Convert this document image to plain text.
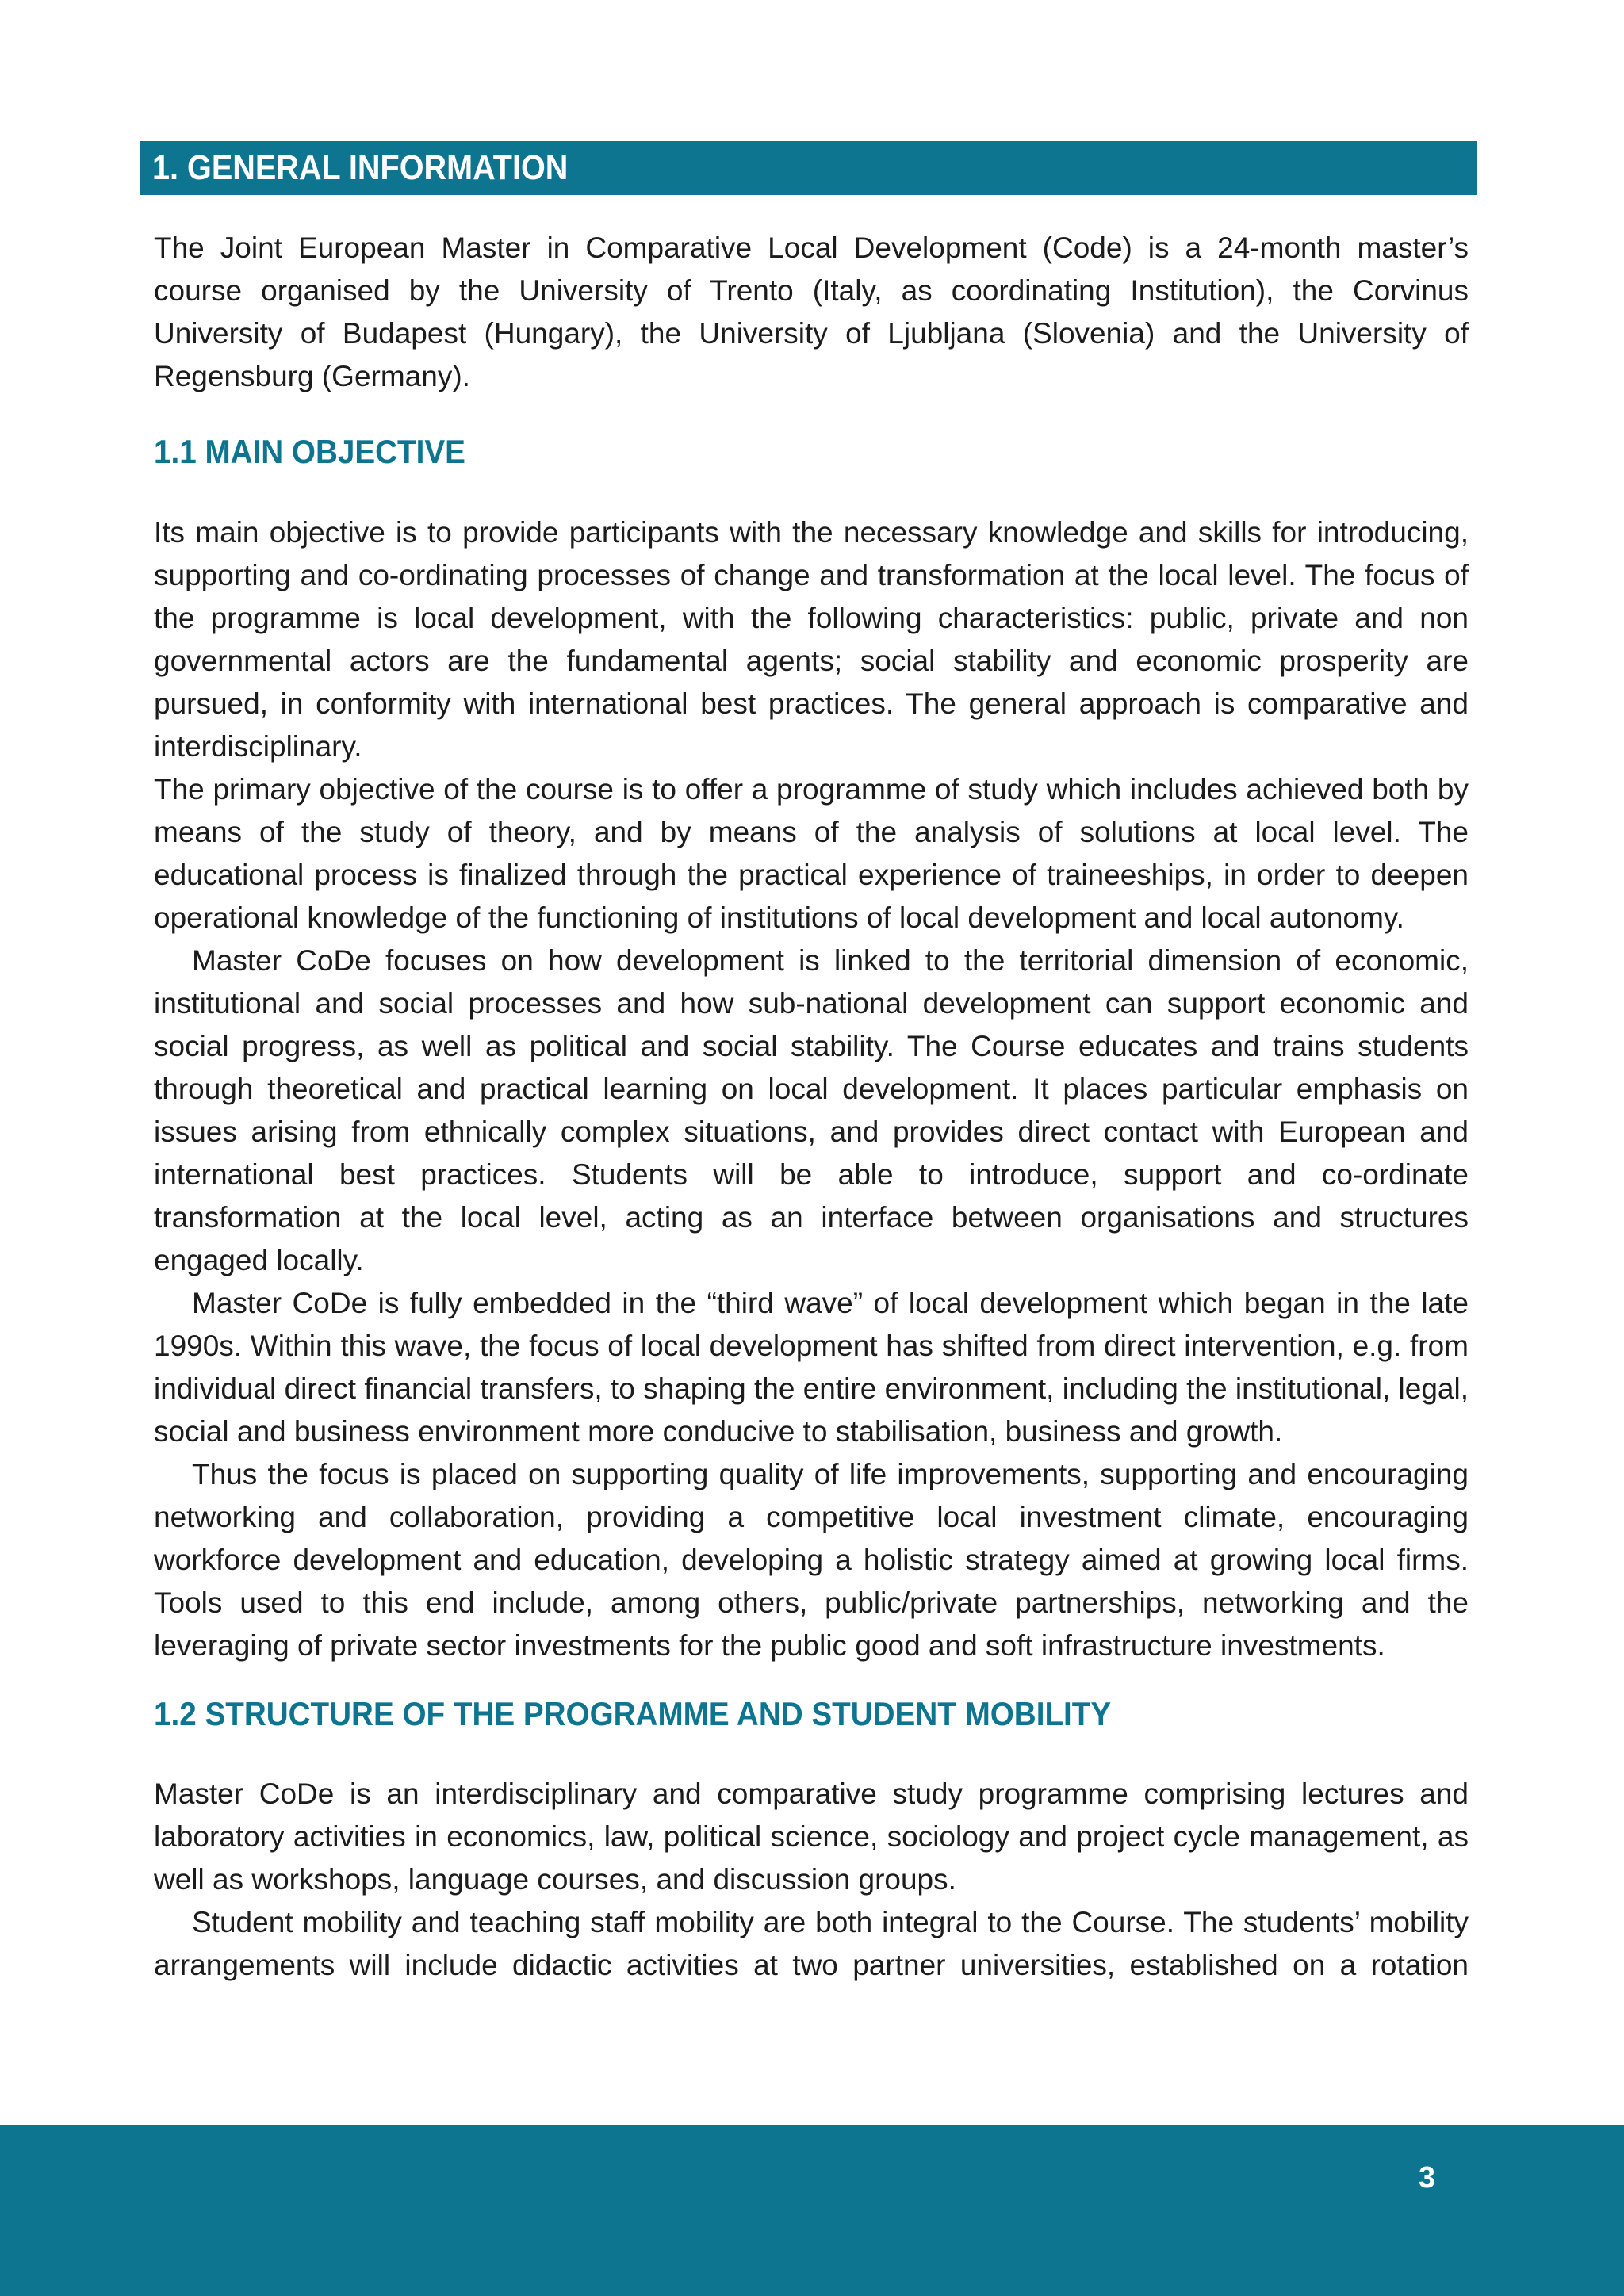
1. GENERAL INFORMATION

The Joint European Master in Comparative Local Development (Code) is a 24-month master’s course organised by the University of Trento (Italy, as coordinating Institution), the Corvinus University of Budapest (Hungary), the University of Ljubljana (Slovenia) and the University of Regensburg (Germany).

1.1 MAIN OBJECTIVE

Its main objective is to provide participants with the necessary knowledge and skills for introducing, supporting and co-ordinating processes of change and transformation at the local level. The focus of the programme is local development, with the following characteristics: public, private and non governmental actors are the fundamental agents; social stability and economic prosperity are pursued, in conformity with international best practices. The general approach is comparative and interdisciplinary.

The primary objective of the course is to offer a programme of study which includes achieved both by means of the study of theory, and by means of the analysis of solutions at local level. The educational process is finalized through the practical experience of traineeships, in order to deepen operational knowledge of the functioning of institutions of local development and local autonomy.

Master CoDe focuses on how development is linked to the territorial dimension of economic, institutional and social processes and how sub-national development can support economic and social progress, as well as political and social stability. The Course educates and trains students through theoretical and practical learning on local development. It places particular emphasis on issues arising from ethnically complex situations, and provides direct contact with European and international best practices. Students will be able to introduce, support and co-ordinate transformation at the local level, acting as an interface between organisations and structures engaged locally.

Master CoDe is fully embedded in the “third wave” of local development which began in the late 1990s. Within this wave, the focus of local development has shifted from direct intervention, e.g. from individual direct financial transfers, to shaping the entire environment, including the institutional, legal, social and business environment more conducive to stabilisation, business and growth.

Thus the focus is placed on supporting quality of life improvements, supporting and encouraging networking and collaboration, providing a competitive local investment climate, encouraging workforce development and education, developing a holistic strategy aimed at growing local firms. Tools used to this end include, among others, public/private partnerships, networking and the leveraging of private sector investments for the public good and soft infrastructure investments.

1.2 STRUCTURE OF THE PROGRAMME AND STUDENT MOBILITY

Master CoDe is an interdisciplinary and comparative study programme comprising lectures and laboratory activities in economics, law, political science, sociology and project cycle management, as well as workshops, language courses, and discussion groups.

Student mobility and teaching staff mobility are both integral to the Course. The students’ mobility arrangements will include didactic activities at two partner universities, established on a rotation

3
